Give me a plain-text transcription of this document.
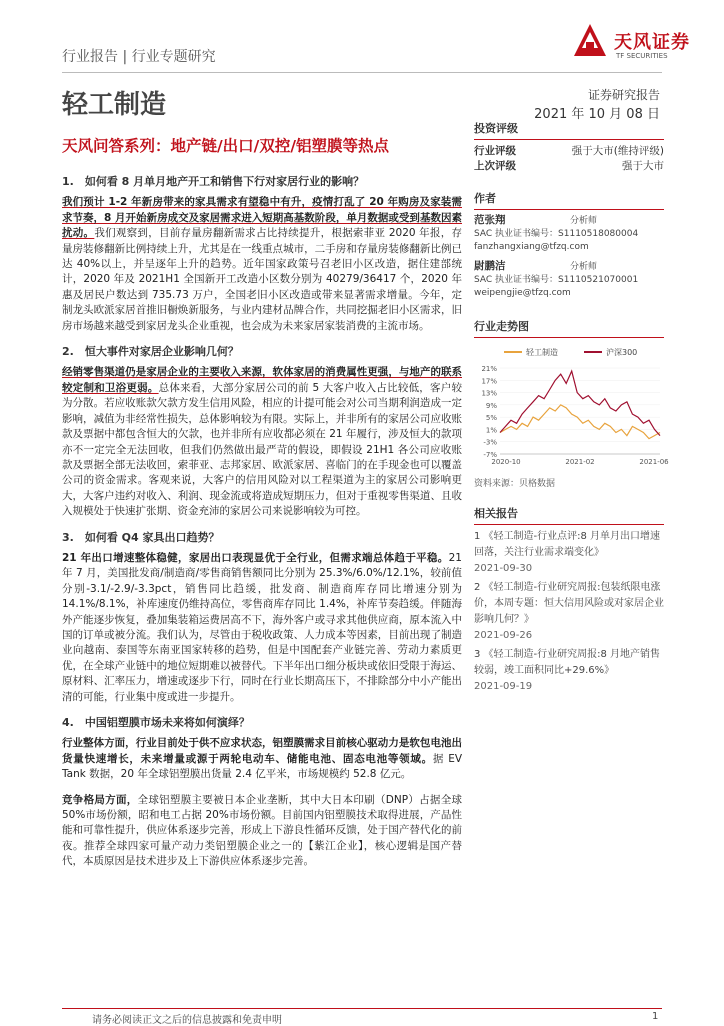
行业报告 | 行业专题研究
天风证券
TF SECURITIES
轻工制造	证券研究报告
2021 年 10 月 08 日
天风问答系列：地产链/出口/双控/铝塑膜等热点
1.　如何看 8 月单月地产开工和销售下行对家居行业的影响？

我们预计 1-2 年新房带来的家具需求有望稳中有升，疫情打乱了 20 年购房及家装需求节奏，8 月开始新房成交及家居需求进入短期高基数阶段，单月数据或受到基数因素扰动。我们观察到，目前存量房翻新需求占比持续提升，根据索菲亚 2020 年报，存量房装修翻新比例持续上升，尤其是在一线重点城市，二手房和存量房装修翻新比例已达 40%以上，并呈逐年上升的趋势。近年国家政策号召老旧小区改造，据住建部统计，2020 年及 2021H1 全国新开工改造小区数分别为 40279/36417 个，2020 年惠及居民户数达到 735.73 万户，全国老旧小区改造或带来显著需求增量。今年，定制龙头欧派家居首推旧橱焕新服务，与业内建材品牌合作，共同挖掘老旧小区需求，旧房市场越来越受到家居龙头企业重视，也会成为未来家居家装消费的主流市场。

2.　恒大事件对家居企业影响几何？

经销零售渠道仍是家居企业的主要收入来源，软体家居的消费属性更强，与地产的联系较定制和卫浴更弱。总体来看，大部分家居公司的前 5 大客户收入占比较低，客户较为分散。若应收账款欠款方发生信用风险，相应的计提可能会对公司当期利润造成一定影响，减值为非经常性损失，总体影响较为有限。实际上，并非所有的家居公司应收账款及票据中都包含恒大的欠款，也并非所有应收都必须在 21 年履行，涉及恒大的款项亦不一定完全无法回收，但我们仍然做出最严苛的假设，即假设 21H1 各公司应收账款及票据全部无法收回，索菲亚、志邦家居、欧派家居、喜临门的在手现金也可以覆盖公司的资金需求。客观来说，大客户的信用风险对以工程渠道为主的家居公司影响更大，大客户违约对收入、利润、现金流或将造成短期压力，但对于重视零售渠道、且收入规模处于快速扩张期、资金充沛的家居公司来说影响较为可控。

3.　如何看 Q4 家具出口趋势？

21 年出口增速整体稳健，家居出口表现显优于全行业，但需求端总体趋于平稳。21 年 7 月，美国批发商/制造商/零售商销售额同比分别为 25.3%/6.0%/12.1%，较前值分别-3.1/-2.9/-3.3pct，销售同比趋缓，批发商、制造商库存同比增速分别为 14.1%/8.1%，补库速度仍维持高位，零售商库存同比 1.4%，补库节奏趋缓。伴随海外产能逐步恢复，叠加集装箱运费居高不下，海外客户或寻求其他供应商，原本流入中国的订单或被分流。我们认为，尽管由于税收政策、人力成本等因素，目前出现了制造业向越南、泰国等东南亚国家转移的趋势，但是中国配套产业链完善、劳动力素质更优，在全球产业链中的地位短期难以被替代。下半年出口细分板块或依旧受限于海运、原材料、汇率压力，增速或逐步下行，同时在行业长期高压下，不排除部分中小产能出清的可能，行业集中度或进一步提升。

4.　中国铝塑膜市场未来将如何演绎？

行业整体方面，行业目前处于供不应求状态，铝塑膜需求目前核心驱动力是软包电池出货量快速增长，未来增量或源于两轮电动车、储能电池、固态电池等领域。据 EV Tank 数据，20 年全球铝塑膜出货量 2.4 亿平米，市场规模约 52.8 亿元。

竞争格局方面，全球铝塑膜主要被日本企业垄断，其中大日本印刷（DNP）占据全球 50%市场份额，昭和电工占据 20%市场份额。目前国内铝塑膜技术取得进展，产品性能和可靠性提升，供应体系逐步完善，形成上下游良性循环反馈，处于国产替代化的前夜。推荐全球四家可量产动力类铝塑膜企业之一的【紫江企业】，核心逻辑是国产替代，本质原因是技术进步及上下游供应体系逐步完善。

投资评级
行业评级	强于大市(维持评级)
上次评级	强于大市
作者
范张翔	分析师
SAC 执业证书编号：S1110518080004
fanzhangxiang@tfzq.com
尉鹏洁	分析师
SAC 执业证书编号：S1110521070001
weipengjie@tfzq.com
行业走势图
轻工制造	沪深300
21%
17%
13%
9%
5%
1%
-3%
-7%
2020-10	2021-02	2021-06
资料来源：贝格数据
相关报告
1 《轻工制造-行业点评:8 月单月出口增速回落，关注行业需求端变化》
2021-09-30
2 《轻工制造-行业研究周报:包装纸限电涨价，本周专题：恒大信用风险或对家居企业影响几何？》
2021-09-26
3 《轻工制造-行业研究周报:8 月地产销售较弱，竣工面积同比+29.6%》
2021-09-19
请务必阅读正文之后的信息披露和免责申明	1
